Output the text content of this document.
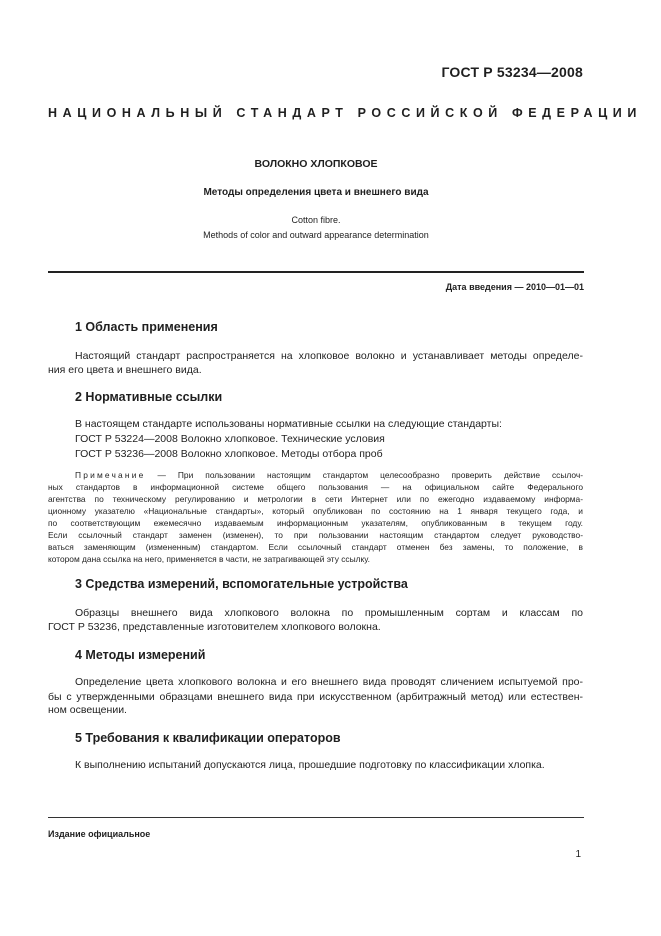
ГОСТ Р 53234—2008
НАЦИОНАЛЬНЫЙ СТАНДАРТ РОССИЙСКОЙ ФЕДЕРАЦИИ
ВОЛОКНО ХЛОПКОВОЕ
Методы определения цвета и внешнего вида
Cotton fibre.
Methods of color and outward appearance determination
Дата введения — 2010—01—01
1 Область применения
Настоящий стандарт распространяется на хлопковое волокно и устанавливает методы определе-
ния его цвета и внешнего вида.
2 Нормативные ссылки
В настоящем стандарте использованы нормативные ссылки на следующие стандарты:
ГОСТ Р 53224—2008 Волокно хлопковое. Технические условия
ГОСТ Р 53236—2008 Волокно хлопковое. Методы отбора проб
Примечание — При пользовании настоящим стандартом целесообразно проверить действие ссылоч-
ных стандартов в информационной системе общего пользования — на официальном сайте Федерального
агентства по техническому регулированию и метрологии в сети Интернет или по ежегодно издаваемому информа-
ционному указателю «Национальные стандарты», который опубликован по состоянию на 1 января текущего года, и
по соответствующим ежемесячно издаваемым информационным указателям, опубликованным в текущем году.
Если ссылочный стандарт заменен (изменен), то при пользовании настоящим стандартом следует руководство-
ваться заменяющим (измененным) стандартом. Если ссылочный стандарт отменен без замены, то положение, в
котором дана ссылка на него, применяется в части, не затрагивающей эту ссылку.
3 Средства измерений, вспомогательные устройства
Образцы внешнего вида хлопкового волокна по промышленным сортам и классам по
ГОСТ Р 53236, представленные изготовителем хлопкового волокна.
4 Методы измерений
Определение цвета хлопкового волокна и его внешнего вида проводят сличением испытуемой про-
бы с утвержденными образцами внешнего вида при искусственном (арбитражный метод) или естествен-
ном освещении.
5 Требования к квалификации операторов
К выполнению испытаний допускаются лица, прошедшие подготовку по классификации хлопка.
Издание официальное
1
